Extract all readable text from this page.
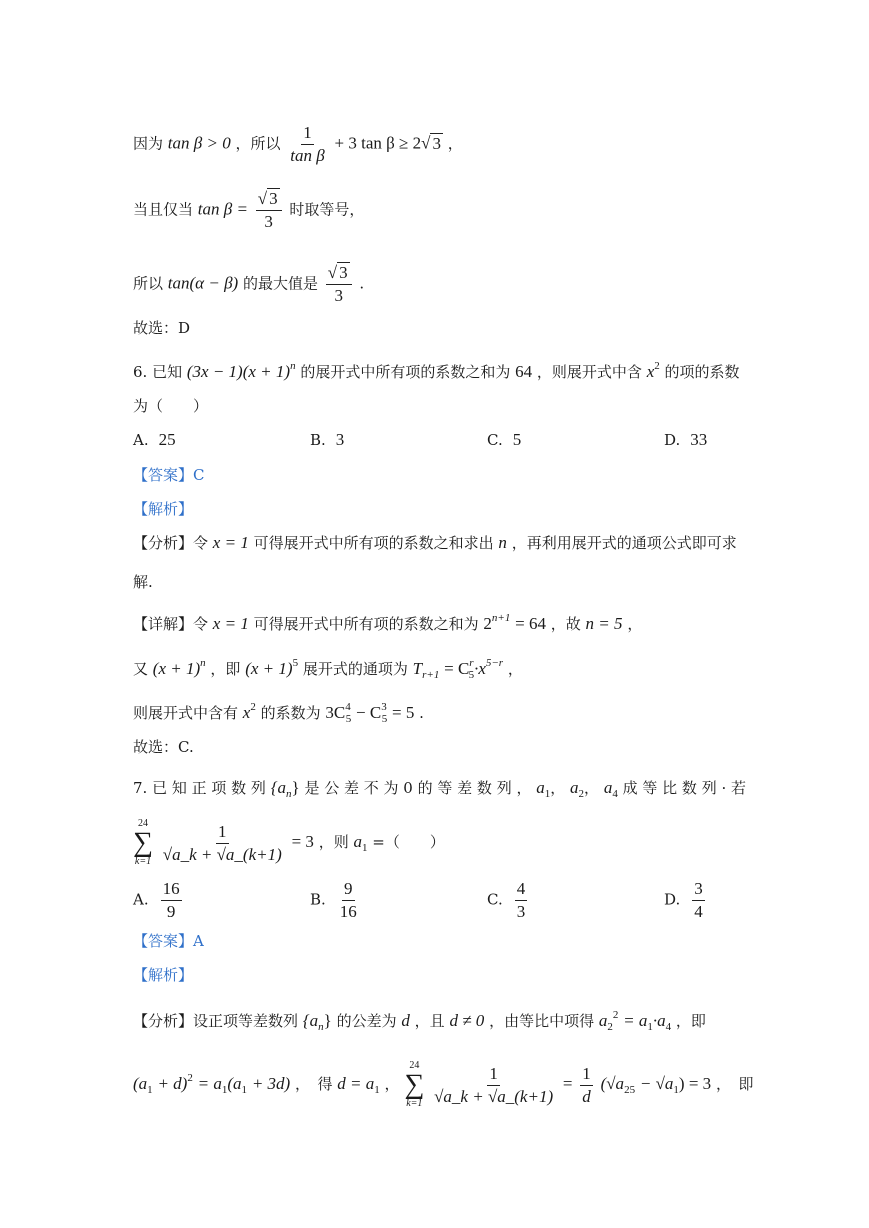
因为 tan β > 0 ，所以 $\frac{1}{\text{tan β}} + 3$ tan β ≥ 2√ 3 ，
当且仅当 $\tan \beta = \frac{√ 3}{3}$ 时取等号，
所以 tan(α − β) 的最大值是 $\frac{√ 3}{3}$ .
故选：D
6. 已知 $(3x - 1)(x + 1)^n$ 的展开式中所有项的系数之和为 64 ，则展开式中含 $x^2$ 的项的系数
为（　　）
A. 25	B. 3	C. 5	D. 33
【答案】C
【解析】
【分析】令 x = 1 可得展开式中所有项的系数之和求出 n ，再利用展开式的通项公式即可求
解.
【详解】令 x = 1 可得展开式中所有项的系数之和为 $2^{n+1} = 64$ ，故 n = 5 ，
又 $(x + 1)^n$ ，即 $(x + 1)^5$ 展开式的通项为 $T_{r+1} = C^r_5\cdot x^{5-r}$ ，
则展开式中含有 $x^2$ 的系数为 $3C^4_5 - C^3_5 = 5$ .
故选：C.
7. 已 知 正 项 数 列 $\{a_n\}$ 是 公 差 不 为 0 的 等 差 数 列 ， $a_1$， $a_2$， $a_4$ 成 等 比 数 列 · 若
24
∑
k=1
$\frac{1}{√a\_k + √a\_(k+1)} = 3$ ，则 $a_1$ =（　　）
A. $\frac{16}{9}$	B. $\frac{9}{16}$	C. $\frac{4}{3}$	D. $\frac{3}{4}$
【答案】A
【解析】
【分析】设正项等差数列 $\{a_n\}$ 的公差为 d ，且 d ≠ 0 ，由等比中项得 $a_2^2 = a_1\cdot a_4$ ，即
$(a_1 + d)^2 = a_1(a_1 + 3d)$ ，　得 $d = a_1$ ，
24
∑
k=1
$\frac{1}{√a\_k + √a\_(k+1)} = \frac{1}{d} (√a_{25} - √a_1) = 3$ ，　即
